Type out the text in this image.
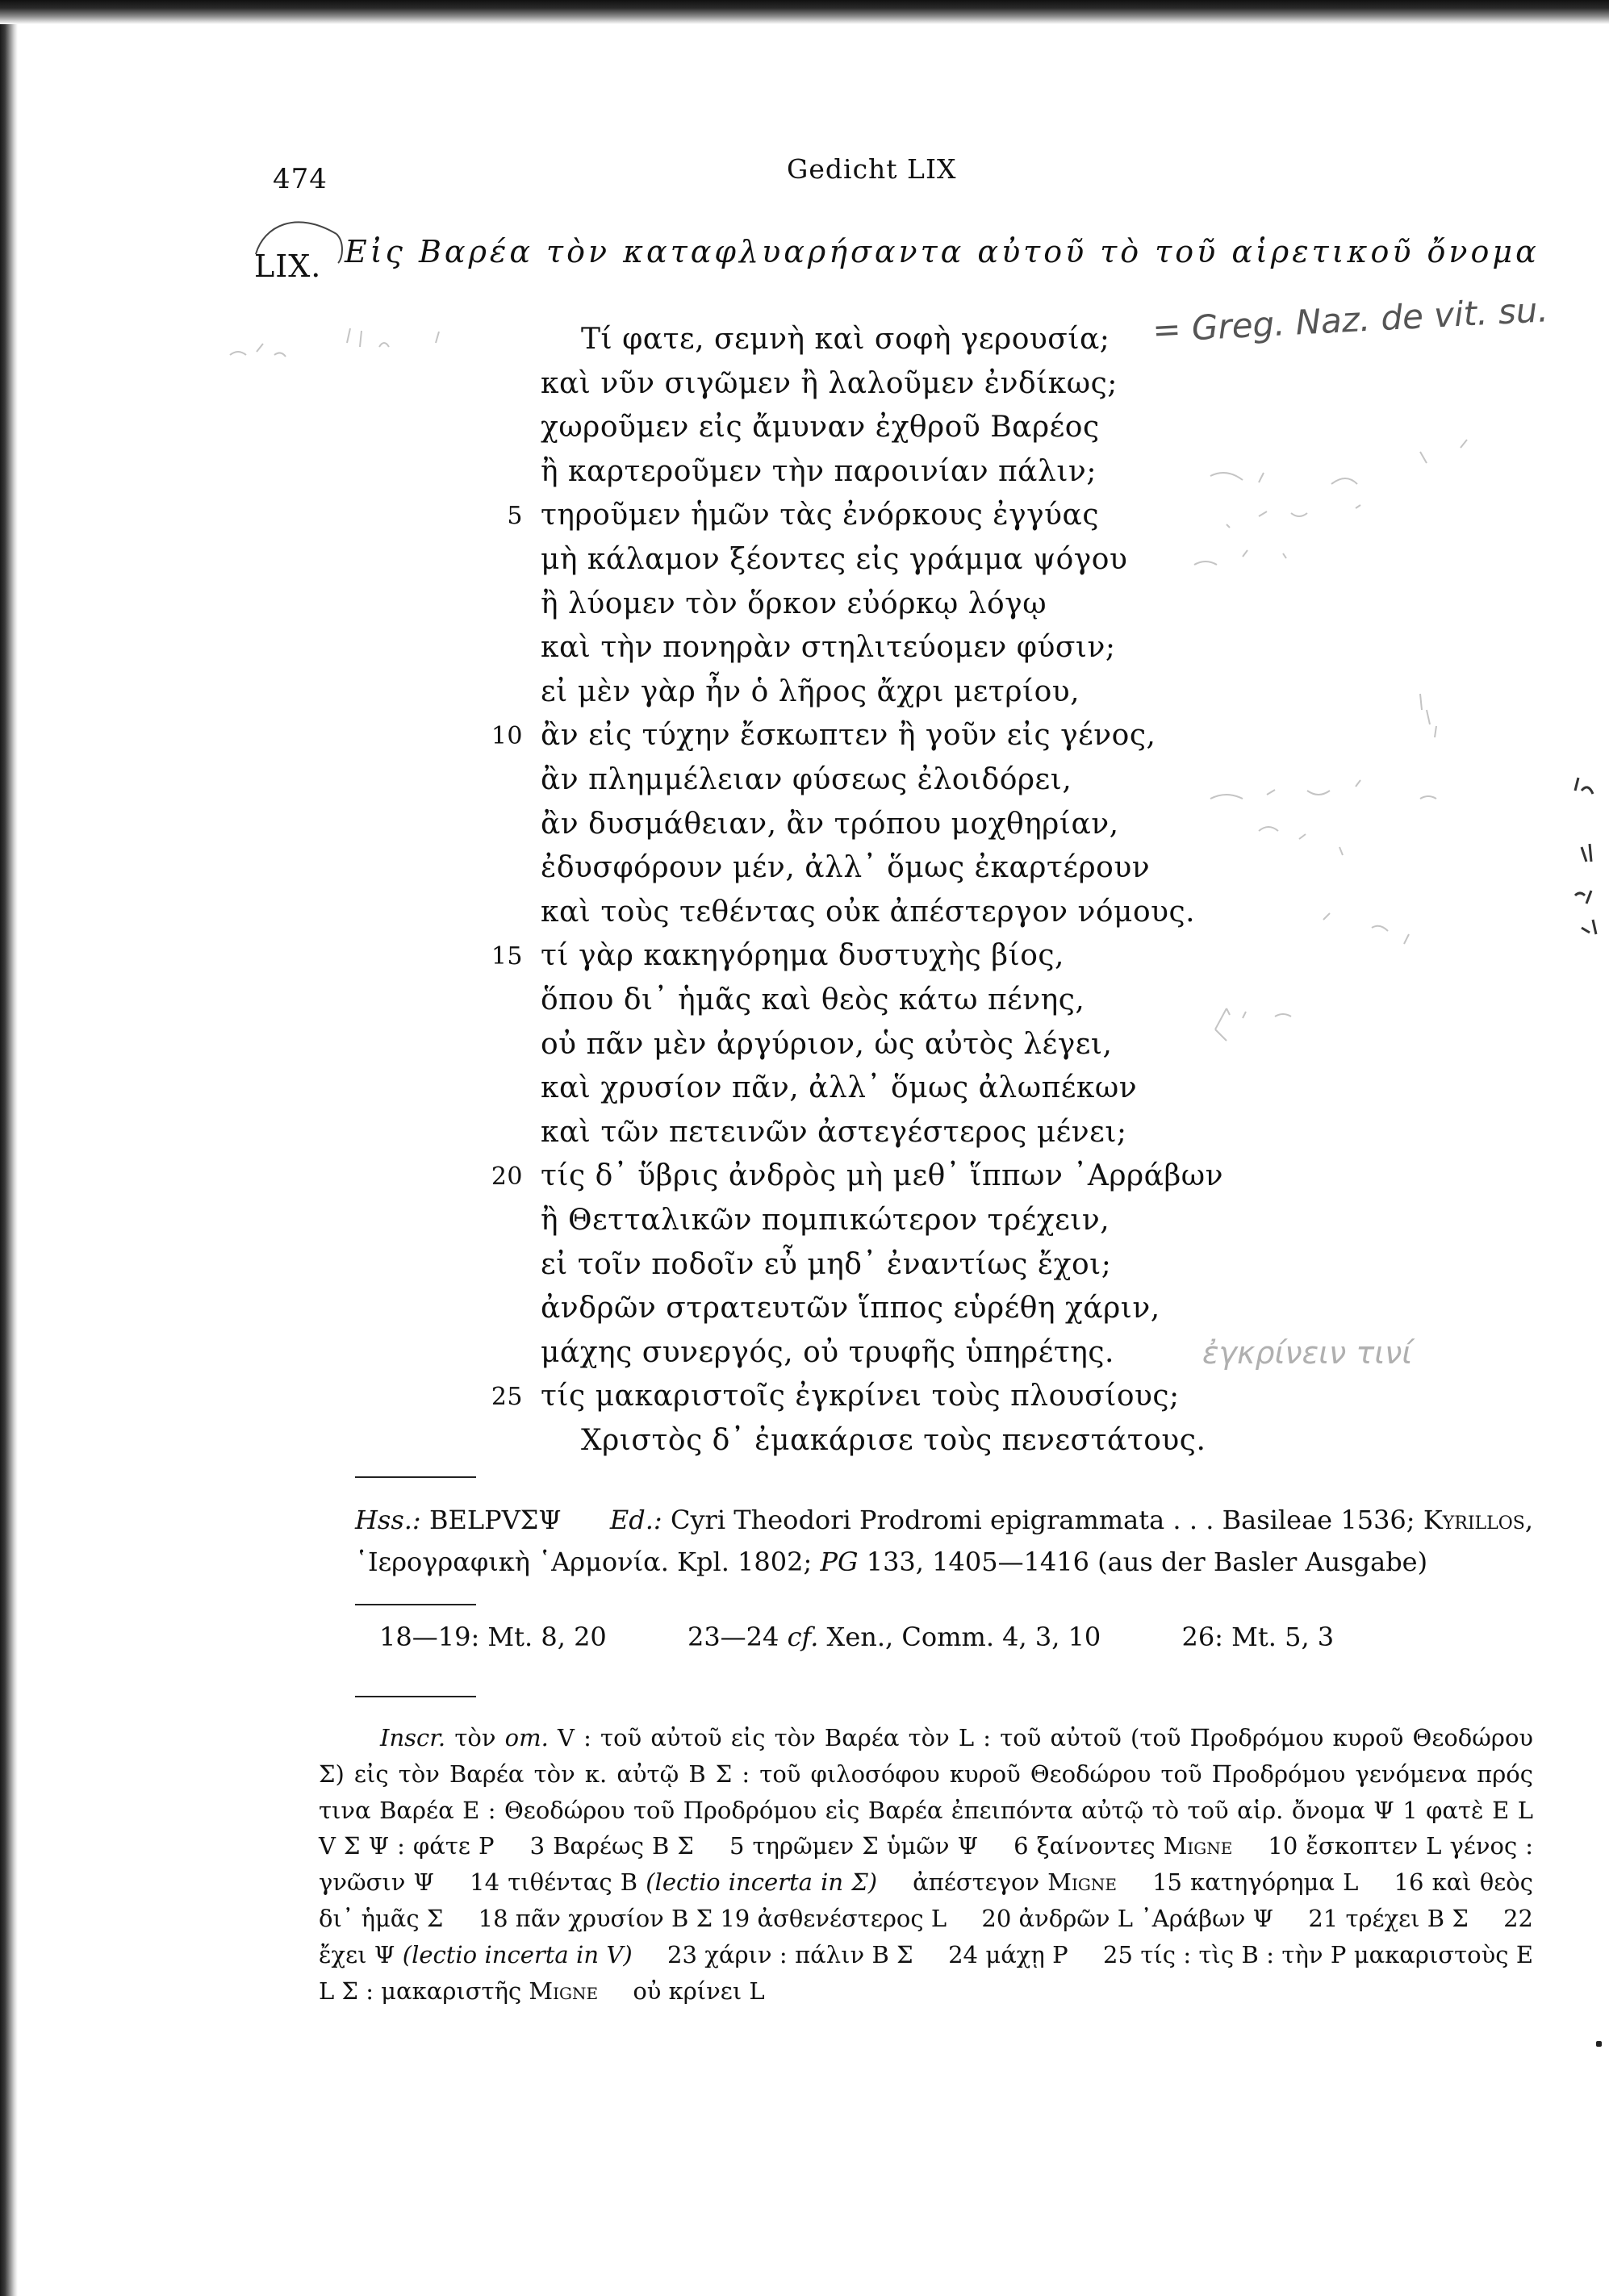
474	Gedicht LIX
LIX. Εἰς Βαρέα τὸν καταφλυαρήσαντα αὐτοῦ τὸ τοῦ αἱρετικοῦ ὄνομα
Τί φατε, σεμνὴ καὶ σοφὴ γερουσία;
καὶ νῦν σιγῶμεν ἢ λαλοῦμεν ἐνδίκως;
χωροῦμεν εἰς ἄμυναν ἐχθροῦ Βαρέος
ἢ καρτεροῦμεν τὴν παροινίαν πάλιν;
5 τηροῦμεν ἡμῶν τὰς ἐνόρκους ἐγγύας
μὴ κάλαμον ξέοντες εἰς γράμμα ψόγου
ἢ λύομεν τὸν ὅρκον εὐόρκῳ λόγῳ
καὶ τὴν πονηρὰν στηλιτεύομεν φύσιν;
εἰ μὲν γὰρ ἦν ὁ λῆρος ἄχρι μετρίου,
10 ἂν εἰς τύχην ἔσκωπτεν ἢ γοῦν εἰς γένος,
ἂν πλημμέλειαν φύσεως ἐλοιδόρει,
ἂν δυσμάθειαν, ἂν τρόπου μοχθηρίαν,
ἐδυσφόρουν μέν, ἀλλ᾽ ὅμως ἐκαρτέρουν
καὶ τοὺς τεθέντας οὐκ ἀπέστεργον νόμους.
15 τί γὰρ κακηγόρημα δυστυχὴς βίος,
ὅπου δι᾽ ἡμᾶς καὶ θεὸς κάτω πένης,
οὐ πᾶν μὲν ἀργύριον, ὡς αὐτὸς λέγει,
καὶ χρυσίον πᾶν, ἀλλ᾽ ὅμως ἀλωπέκων
καὶ τῶν πετεινῶν ἀστεγέστερος μένει;
20 τίς δ᾽ ὕβρις ἀνδρὸς μὴ μεθ᾽ ἵππων ᾽Αρράβων
ἢ Θετταλικῶν πομπικώτερον τρέχειν,
εἰ τοῖν ποδοῖν εὖ μηδ᾽ ἐναντίως ἔχοι;
ἀνδρῶν στρατευτῶν ἵππος εὑρέθη χάριν,
μάχης συνεργός, οὐ τρυφῆς ὑπηρέτης.
25 τίς μακαριστοῖς ἐγκρίνει τοὺς πλουσίους;
Χριστὸς δ᾽ ἐμακάρισε τοὺς πενεστάτους.
Hss.: BELPVΣΨ Ed.: Cyri Theodori Prodromi epigrammata . . . Basileae 1536; Kyrillos, ῾Ιερογραφικὴ ῾Αρμονία. Kpl. 1802; PG 133, 1405—1416 (aus der Basler Ausgabe)
18—19: Mt. 8, 20	23—24 cf. Xen., Comm. 4, 3, 10	26: Mt. 5, 3
Inscr. τὸν om. V : τοῦ αὐτοῦ εἰς τὸν Βαρέα τὸν L : τοῦ αὐτοῦ (τοῦ Προδρόμου κυροῦ Θεοδώρου Σ) εἰς τὸν Βαρέα τὸν κ. αὐτῷ B Σ : τοῦ φιλοσόφου κυροῦ Θεοδώρου τοῦ Προδρόμου γενόμενα πρός τινα Βαρέα E : Θεοδώρου τοῦ Προδρόμου εἰς Βαρέα ἐπειπόντα αὐτῷ τὸ τοῦ αἱρ. ὄνομα Ψ 1 φατὲ E L V Σ Ψ : φάτε P 3 Βαρέως B Σ 5 τηρῶμεν Σ ὑμῶν Ψ 6 ξαίνοντες Migne 10 ἔσκοπτεν L γένος : γνῶσιν Ψ 14 τιθέντας B (lectio incerta in Σ) ἀπέστεγον Migne 15 κατηγόρημα L 16 καὶ θεὸς δι᾽ ἡμᾶς Σ 18 πᾶν χρυσίον B Σ 19 ἀσθενέστερος L 20 ἀνδρῶν L ᾽Αράβων Ψ 21 τρέχει B Σ 22 ἔχει Ψ (lectio incerta in V) 23 χάριν : πάλιν B Σ 24 μάχῃ P 25 τίς : τὶς B : τὴν P μακαριστοὺς E L Σ : μακαριστῆς Migne οὐ κρίνει L
= Greg. Naz. de vit. su.
ἐγκρίνειν τινί
